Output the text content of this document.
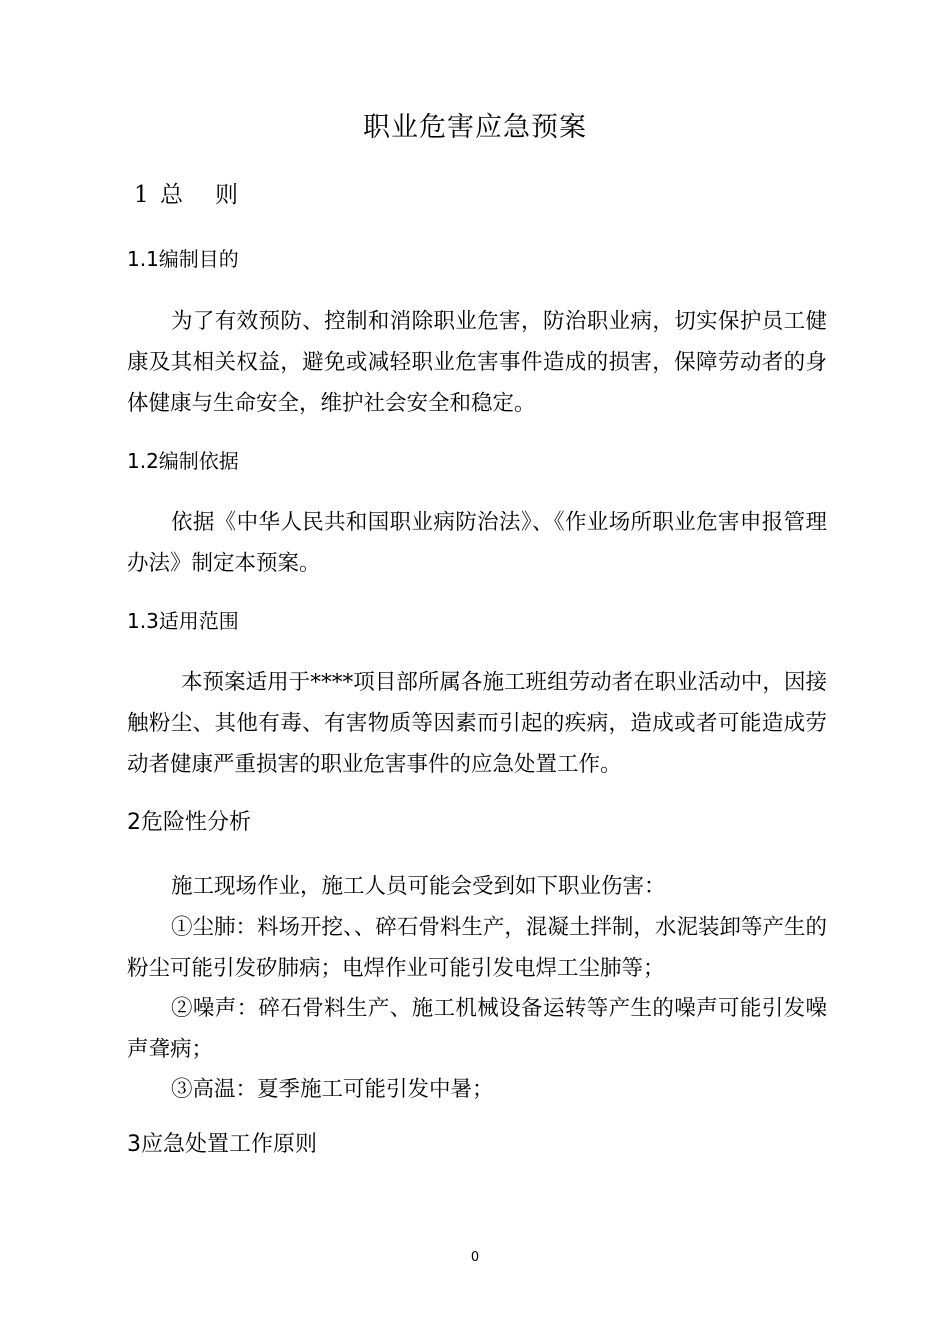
职业危害应急预案
1 总 则
1.1编制目的
为了有效预防、控制和消除职业危害，防治职业病，切实保护员工健康及其相关权益，避免或减轻职业危害事件造成的损害，保障劳动者的身体健康与生命安全，维护社会安全和稳定。
1.2编制依据
依据《中华人民共和国职业病防治法》、《作业场所职业危害申报管理办法》制定本预案。
1.3适用范围
本预案适用于****项目部所属各施工班组劳动者在职业活动中，因接触粉尘、其他有毒、有害物质等因素而引起的疾病，造成或者可能造成劳动者健康严重损害的职业危害事件的应急处置工作。
2危险性分析
施工现场作业，施工人员可能会受到如下职业伤害：
①尘肺：料场开挖、、碎石骨料生产，混凝土拌制，水泥装卸等产生的粉尘可能引发矽肺病；电焊作业可能引发电焊工尘肺等；
②噪声：碎石骨料生产、施工机械设备运转等产生的噪声可能引发噪声聋病；
③高温：夏季施工可能引发中暑；
3应急处置工作原则
0
